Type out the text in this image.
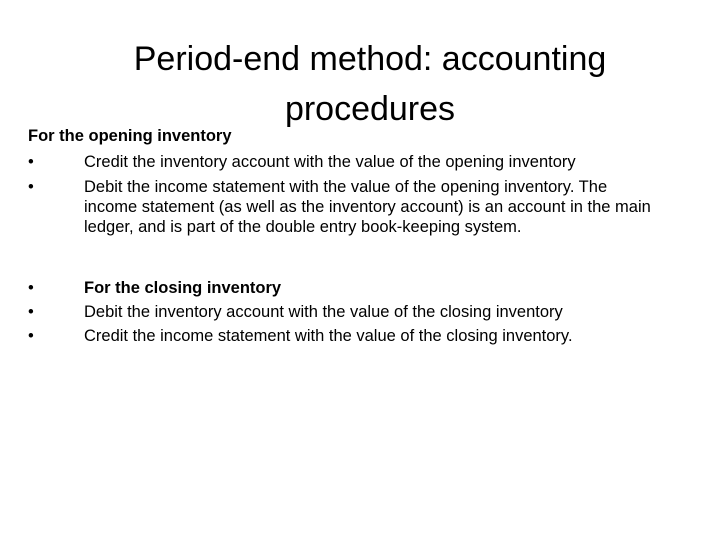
Period-end method: accounting procedures

For the opening inventory

•	Credit the inventory account with the value of the opening inventory
•	Debit the income statement with the value of the opening inventory. The income statement (as well as the inventory account) is an account in the main ledger, and is part of the double entry book-keeping system.
•	For the closing inventory
•	Debit the inventory account with the value of the closing inventory
•	Credit the income statement with the value of the closing inventory.
